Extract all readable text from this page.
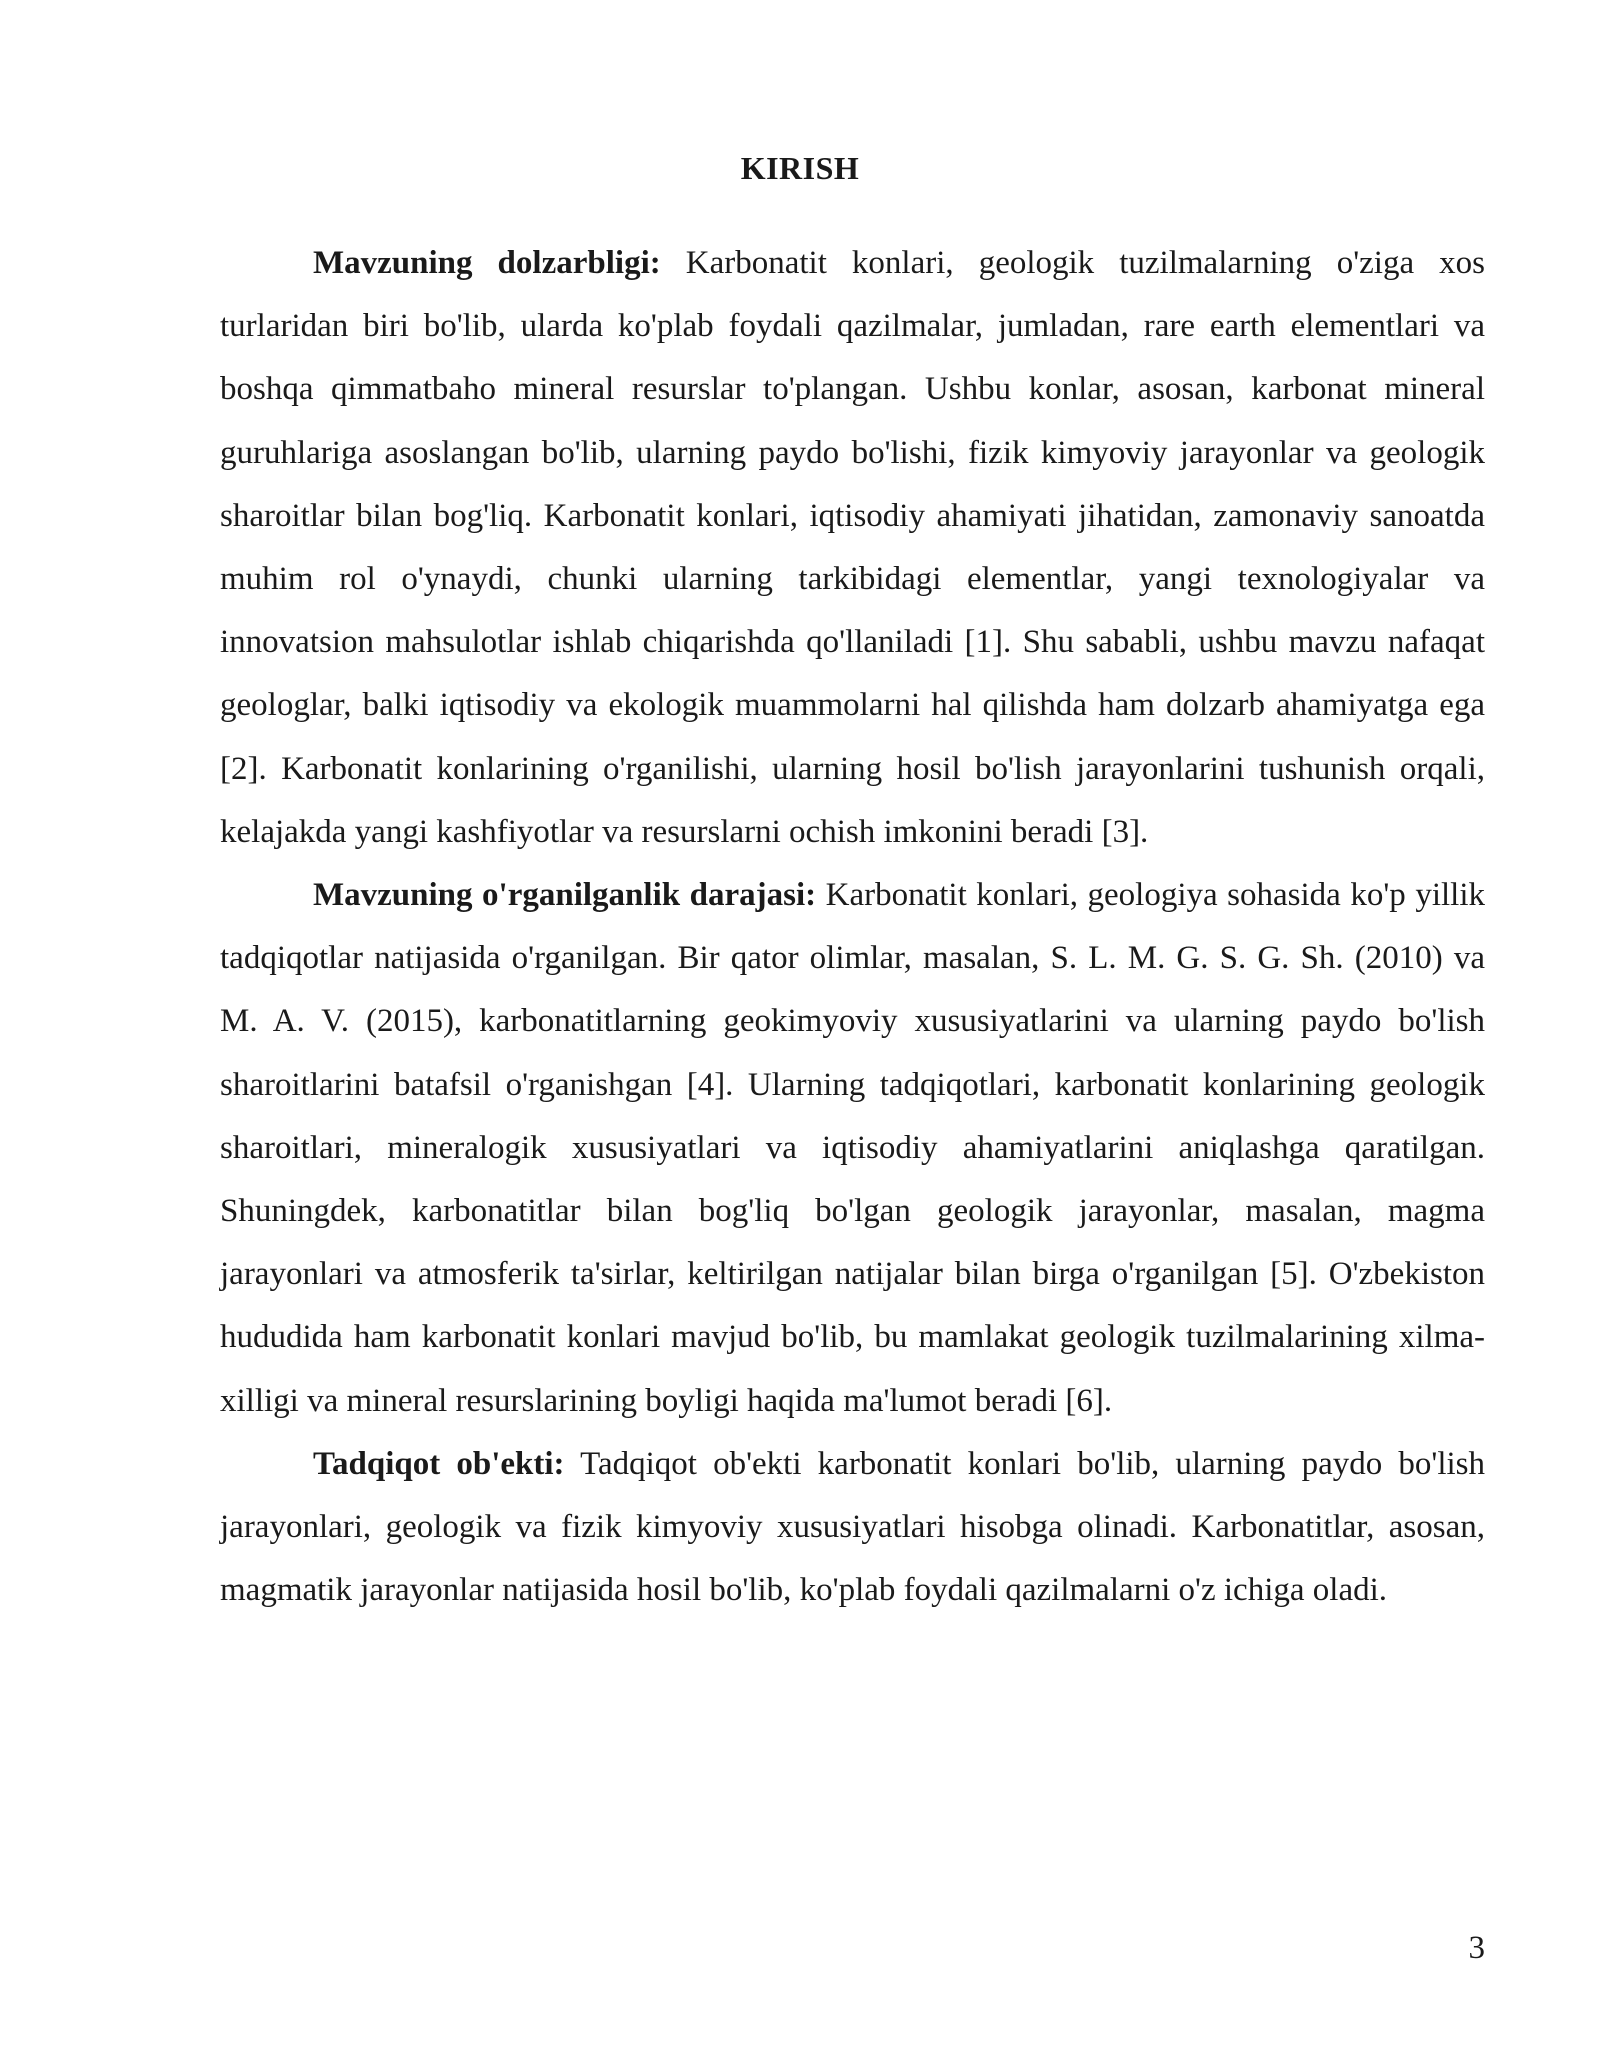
KIRISH

Mavzuning dolzarbligi: Karbonatit konlari, geologik tuzilmalarning o'ziga xos turlaridan biri bo'lib, ularda ko'plab foydali qazilmalar, jumladan, rare earth elementlari va boshqa qimmatbaho mineral resurslar to'plangan. Ushbu konlar, asosan, karbonat mineral guruhlariga asoslangan bo'lib, ularning paydo bo'lishi, fizik kimyoviy jarayonlar va geologik sharoitlar bilan bog'liq. Karbonatit konlari, iqtisodiy ahamiyati jihatidan, zamonaviy sanoatda muhim rol o'ynaydi, chunki ularning tarkibidagi elementlar, yangi texnologiyalar va innovatsion mahsulotlar ishlab chiqarishda qo'llaniladi [1]. Shu sababli, ushbu mavzu nafaqat geologlar, balki iqtisodiy va ekologik muammolarni hal qilishda ham dolzarb ahamiyatga ega [2]. Karbonatit konlarining o'rganilishi, ularning hosil bo'lish jarayonlarini tushunish orqali, kelajakda yangi kashfiyotlar va resurslarni ochish imkonini beradi [3].

Mavzuning o'rganilganlik darajasi: Karbonatit konlari, geologiya sohasida ko'p yillik tadqiqotlar natijasida o'rganilgan. Bir qator olimlar, masalan, S. L. M. G. S. G. Sh. (2010) va M. A. V. (2015), karbonatitlarning geokimyoviy xususiyatlarini va ularning paydo bo'lish sharoitlarini batafsil o'rganishgan [4]. Ularning tadqiqotlari, karbonatit konlarining geologik sharoitlari, mineralogik xususiyatlari va iqtisodiy ahamiyatlarini aniqlashga qaratilgan. Shuningdek, karbonatitlar bilan bog'liq bo'lgan geologik jarayonlar, masalan, magma jarayonlari va atmosferik ta'sirlar, keltirilgan natijalar bilan birga o'rganilgan [5]. O'zbekiston hududida ham karbonatit konlari mavjud bo'lib, bu mamlakat geologik tuzilmalarining xilma-xilligi va mineral resurslarining boyligi haqida ma'lumot beradi [6].

Tadqiqot ob'ekti: Tadqiqot ob'ekti karbonatit konlari bo'lib, ularning paydo bo'lish jarayonlari, geologik va fizik kimyoviy xususiyatlari hisobga olinadi. Karbonatitlar, asosan, magmatik jarayonlar natijasida hosil bo'lib, ko'plab foydali qazilmalarni o'z ichiga oladi.

3
